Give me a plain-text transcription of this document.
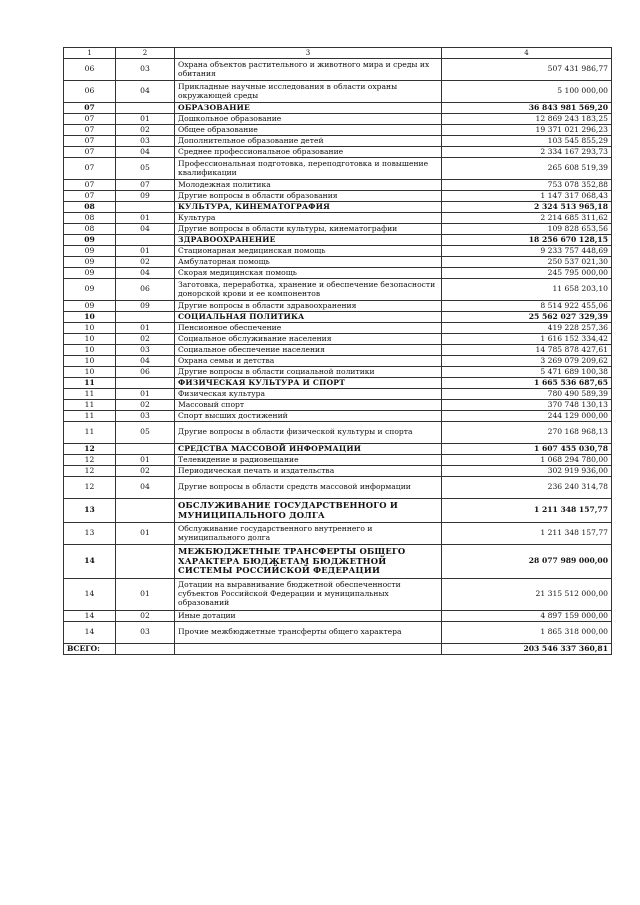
1	2	3	4
06	03	Охрана объектов растительного и животного мира и среды их обитания	507 431 986,77
06	04	Прикладные научные исследования в области охраны окружающей среды	5 100 000,00
07		ОБРАЗОВАНИЕ	36 843 981 569,20
07	01	Дошкольное образование	12 869 243 183,25
07	02	Общее образование	19 371 021 296,23
07	03	Дополнительное образование детей	103 545 855,29
07	04	Среднее профессиональное образование	2 334 167 293,73
07	05	Профессиональная подготовка, переподготовка и повышение квалификации	265 608 519,39
07	07	Молодежная политика	753 078 352,88
07	09	Другие вопросы в области образования	1 147 317 068,43
08		КУЛЬТУРА, КИНЕМАТОГРАФИЯ	2 324 513 965,18
08	01	Культура	2 214 685 311,62
08	04	Другие вопросы в области культуры, кинематографии	109 828 653,56
09		ЗДРАВООХРАНЕНИЕ	18 256 670 128,15
09	01	Стационарная медицинская помощь	9 233 757 448,69
09	02	Амбулаторная помощь	250 537 021,30
09	04	Скорая медицинская помощь	245 795 000,00
09	06	Заготовка, переработка, хранение и обеспечение безопасности донорской крови и ее компонентов	11 658 203,10
09	09	Другие вопросы в области здравоохранения	8 514 922 455,06
10		СОЦИАЛЬНАЯ ПОЛИТИКА	25 562 027 329,39
10	01	Пенсионное обеспечение	419 228 257,36
10	02	Социальное обслуживание населения	1 616 152 334,42
10	03	Социальное обеспечение населения	14 785 878 427,61
10	04	Охрана семьи и детства	3 269 079 209,62
10	06	Другие вопросы в области социальной политики	5 471 689 100,38
11		ФИЗИЧЕСКАЯ КУЛЬТУРА И СПОРТ	1 665 536 687,65
11	01	Физическая культура	780 490 589,39
11	02	Массовый спорт	370 748 130,13
11	03	Спорт высших достижений	244 129 000,00
11	05	Другие вопросы в области физической культуры и спорта	270 168 968,13
12		СРЕДСТВА МАССОВОЙ ИНФОРМАЦИИ	1 607 455 030,78
12	01	Телевидение и радиовещание	1 068 294 780,00
12	02	Периодическая печать и издательства	302 919 936,00
12	04	Другие вопросы в области средств массовой информации	236 240 314,78
13		ОБСЛУЖИВАНИЕ ГОСУДАРСТВЕННОГО И МУНИЦИПАЛЬНОГО ДОЛГА	1 211 348 157,77
13	01	Обслуживание государственного внутреннего и муниципального долга	1 211 348 157,77
14		МЕЖБЮДЖЕТНЫЕ ТРАНСФЕРТЫ ОБЩЕГО ХАРАКТЕРА БЮДЖЕТАМ БЮДЖЕТНОЙ СИСТЕМЫ РОССИЙСКОЙ ФЕДЕРАЦИИ	28 077 989 000,00
14	01	Дотации на выравнивание бюджетной обеспеченности субъектов Российской Федерации и муниципальных образований	21 315 512 000,00
14	02	Иные дотации	4 897 159 000,00
14	03	Прочие межбюджетные трансферты общего характера	1 865 318 000,00
ВСЕГО:			203 546 337 360,81
